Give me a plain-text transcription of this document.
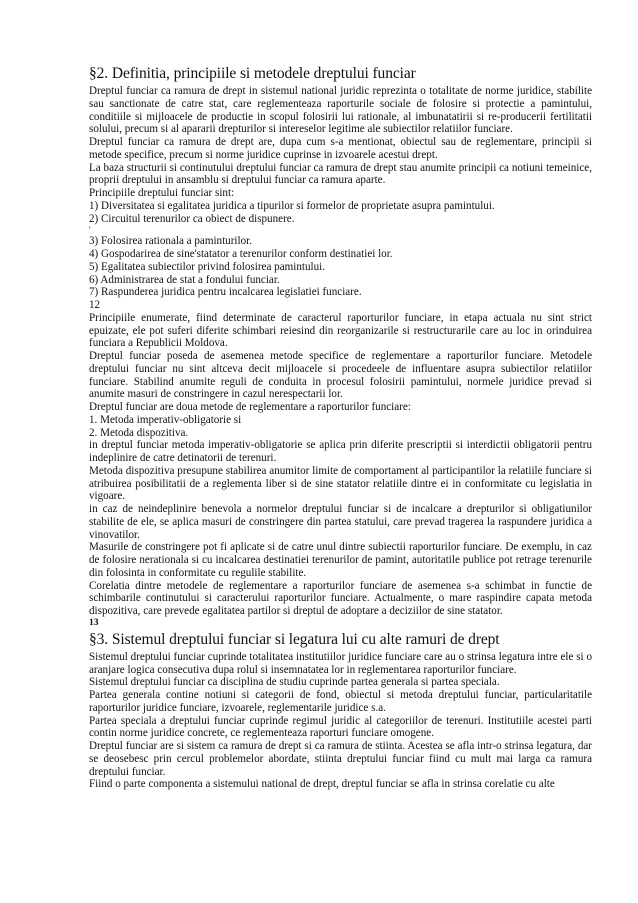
§2. Definitia, principiile si metodele dreptului funciar

Dreptul funciar ca ramura de drept in sistemul national juridic reprezinta o totalitate de norme juridice, stabilite sau sanctionate de catre stat, care reglementeaza raporturile sociale de folosire si protectie a pamintului, conditiile si mijloacele de productie in scopul folosirii lui rationale, al imbunatatirii si re-producerii fertilitatii solului, precum si al apararii drepturilor si intereselor legitime ale subiectilor relatiilor funciare.

Dreptul funciar ca ramura de drept are, dupa cum s-a mentionat, obiectul sau de reglementare, principii si metode specifice, precum si norme juridice cuprinse in izvoarele acestui drept.

La baza structurii si continutului dreptului funciar ca ramura de drept stau anumite principii ca notiuni temeinice, proprii dreptului in ansamblu si dreptului funciar ca ramura aparte.

Principiile dreptului funciar sint:

1) Diversitatea si egalitatea juridica a tipurilor si formelor de proprietate asupra pamintului.

2) Circuitul terenurilor ca obiect de dispunere.

'

3) Folosirea rationala a paminturilor.

4) Gospodarirea de sine'statator a terenurilor conform destinatiei lor.

5) Egalitatea subiectilor privind folosirea pamintului.

6) Administrarea de stat a fondului funciar.

7) Raspunderea juridica pentru incalcarea legislatiei funciare.

12

Principiile enumerate, fiind determinate de caracterul raporturilor funciare, in etapa actuala nu sint strict epuizate, ele pot suferi diferite schimbari reiesind din reorganizarile si restructurarile care au loc in orinduirea funciara a Republicii Moldova.

Dreptul funciar poseda de asemenea metode specifice de reglementare a raporturilor funciare. Metodele dreptului funciar nu sint altceva decit mijloacele si procedeele de influentare asupra subiectilor relatiilor funciare. Stabilind anumite reguli de conduita in procesul folosirii pamintului, normele juridice prevad si anumite masuri de constringere in cazul nerespectarii lor.

Dreptul funciar are doua metode de reglementare a raporturilor funciare:

1. Metoda imperativ-obligatorie si

2. Metoda dispozitiva.

in dreptul funciar metoda imperativ-obligatorie se aplica prin diferite prescriptii si interdictii obligatorii pentru indeplinire de catre detinatorii de terenuri.

Metoda dispozitiva presupune stabilirea anumitor limite de comportament al participantilor la relatiile funciare si atribuirea posibilitatii de a reglementa liber si de sine statator relatiile dintre ei in conformitate cu legislatia in vigoare.

in caz de neindeplinire benevola a normelor dreptului funciar si de incalcare a drepturilor si obligatiunilor stabilite de ele, se aplica masuri de constringere din partea statului, care prevad tragerea la raspundere juridica a vinovatilor.

Masurile de constringere pot fi aplicate si de catre unul dintre subiectii raporturilor funciare. De exemplu, in caz de folosire nerationala si cu incalcarea destinatiei terenurilor de pamint, autoritatile publice pot retrage terenurile din folosinta in conformitate cu regulile stabilite.

Corelatia dintre metodele de reglementare a raporturilor funciare de asemenea s-a schimbat in functie de schimbarile continutului si caracterului raporturilor funciare. Actualmente, o mare raspindire capata metoda dispozitiva, care prevede egalitatea partilor si dreptul de adoptare a deciziilor de sine statator.

13

§3. Sistemul dreptului funciar si legatura lui cu alte ramuri de drept

Sistemul dreptului funciar cuprinde totalitatea institutiilor juridice funciare care au o strinsa legatura intre ele si o aranjare logica consecutiva dupa rolul si insemnatatea lor in reglementarea raporturilor funciare.

Sistemul dreptului funciar ca disciplina de studiu cuprinde partea generala si partea speciala.

Partea generala contine notiuni si categorii de fond, obiectul si metoda dreptului funciar, particularitatile raporturilor juridice funciare, izvoarele, reglementarile juridice s.a.

Partea speciala a dreptului funciar cuprinde regimul juridic al categoriilor de terenuri. Institutiile acestei parti contin norme juridice concrete, ce reglementeaza raporturi funciare omogene.

Dreptul funciar are si sistem ca ramura de drept si ca ramura de stiinta. Acestea se afla intr-o strinsa legatura, dar se deosebesc prin cercul problemelor abordate, stiinta dreptului funciar fiind cu mult mai larga ca ramura dreptului funciar.

Fiind o parte componenta a sistemului national de drept, dreptul funciar se afla in strinsa corelatie cu alte
